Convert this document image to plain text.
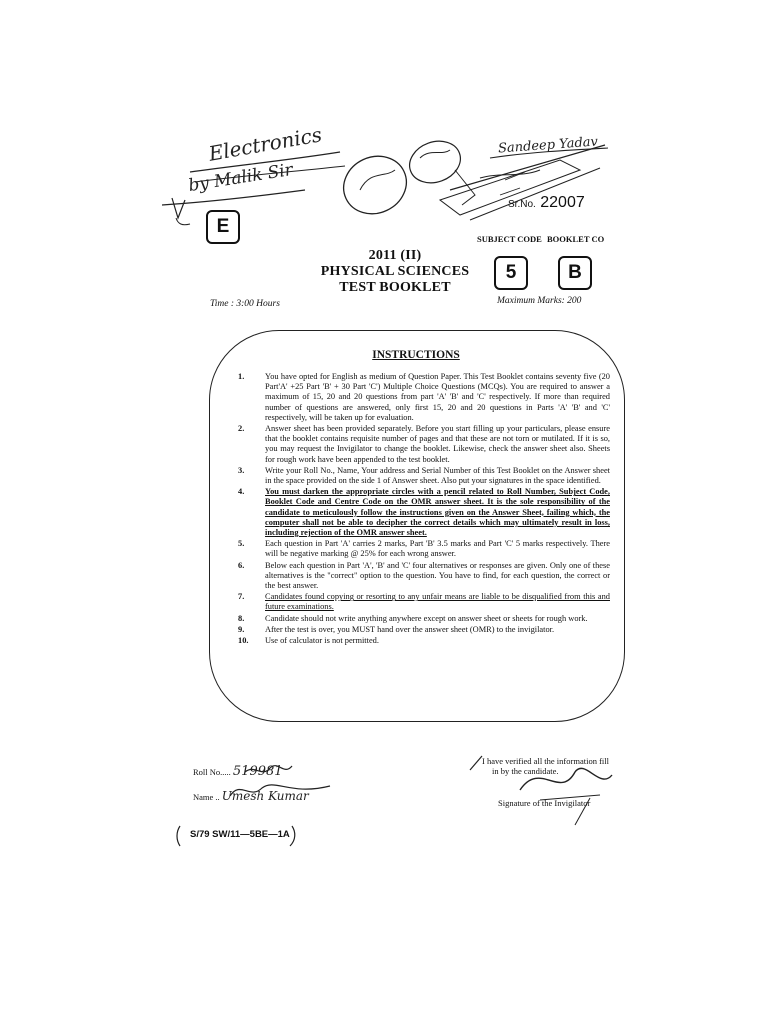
Electronics
by Malik Sir
Sandeep Yadav
E
Sr.No. 22007
SUBJECT CODE BOOKLET CO
2011 (II)
PHYSICAL SCIENCES
TEST BOOKLET
5	B
Time : 3:00 Hours	Maximum Marks: 200
INSTRUCTIONS
1.	You have opted for English as medium of Question Paper. This Test Booklet contains seventy five (20 Part'A' +25 Part 'B' + 30 Part 'C') Multiple Choice Questions (MCQs). You are required to answer a maximum of 15, 20 and 20 questions from part 'A' 'B' and 'C' respectively. If more than required number of questions are answered, only first 15, 20 and 20 questions in Parts 'A' 'B' and 'C' respectively, will be taken up for evaluation.
2.	Answer sheet has been provided separately. Before you start filling up your particulars, please ensure that the booklet contains requisite number of pages and that these are not torn or mutilated. If it is so, you may request the Invigilator to change the booklet. Likewise, check the answer sheet also. Sheets for rough work have been appended to the test booklet.
3.	Write your Roll No., Name, Your address and Serial Number of this Test Booklet on the Answer sheet in the space provided on the side 1 of Answer sheet. Also put your signatures in the space identified.
4.	You must darken the appropriate circles with a pencil related to Roll Number, Subject Code, Booklet Code and Centre Code on the OMR answer sheet. It is the sole responsibility of the candidate to meticulously follow the instructions given on the Answer Sheet, failing which, the computer shall not be able to decipher the correct details which may ultimately result in loss, including rejection of the OMR answer sheet.
5.	Each question in Part 'A' carries 2 marks, Part 'B' 3.5 marks and Part 'C' 5 marks respectively. There will be negative marking @ 25% for each wrong answer.
6.	Below each question in Part 'A', 'B' and 'C' four alternatives or responses are given. Only one of these alternatives is the "correct" option to the question. You have to find, for each question, the correct or the best answer.
7.	Candidates found copying or resorting to any unfair means are liable to be disqualified from this and future examinations.
8.	Candidate should not write anything anywhere except on answer sheet or sheets for rough work.
9.	After the test is over, you MUST hand over the answer sheet (OMR) to the invigilator.
10.	Use of calculator is not permitted.
Roll No..... 519981
Name .. Umesh Kumar
I have verified all the information fill
in by the candidate.
Signature of the Invigilator
S/79 SW/11—5BE—1A
